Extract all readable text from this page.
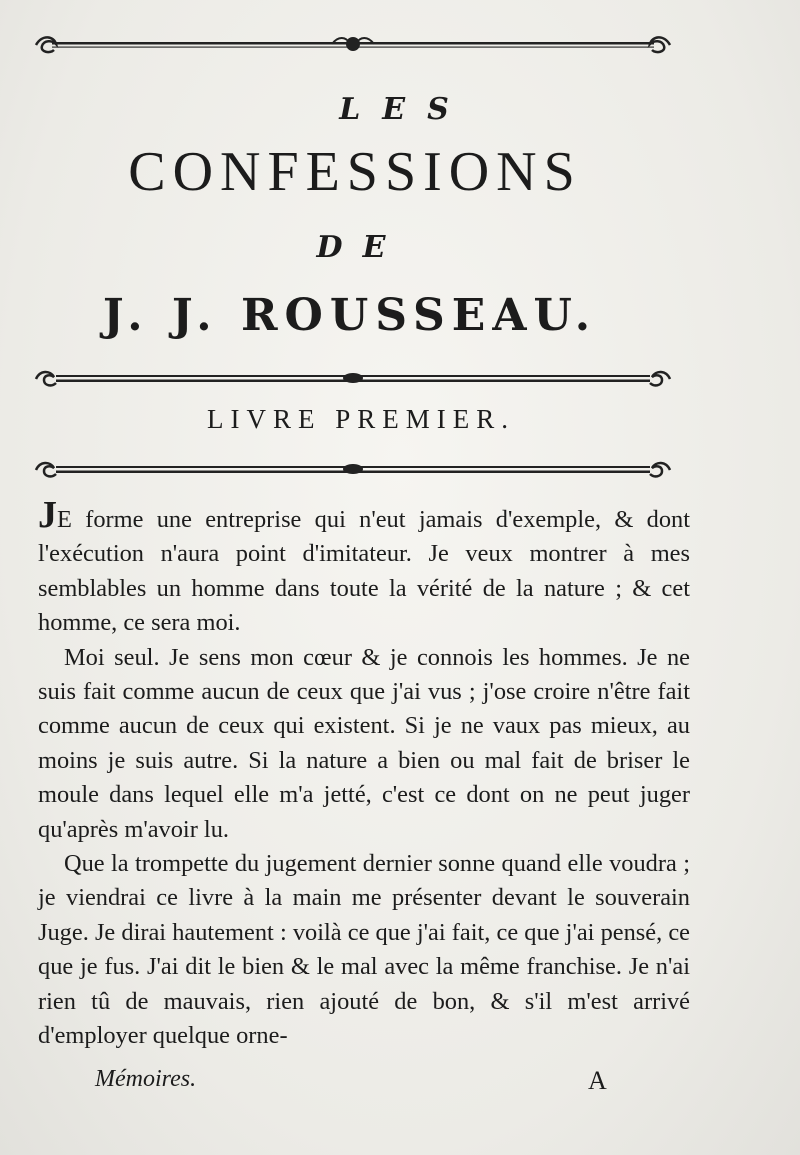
LES
CONFESSIONS
DE
J. J. ROUSSEAU.
LIVRE PREMIER.

JE forme une entreprise qui n'eut jamais d'exemple, & dont l'exécution n'aura point d'imitateur. Je veux montrer à mes semblables un homme dans toute la vérité de la nature ; & cet homme, ce sera moi.

Moi seul. Je sens mon cœur & je connois les hommes. Je ne suis fait comme aucun de ceux que j'ai vus ; j'ose croire n'être fait comme aucun de ceux qui existent. Si je ne vaux pas mieux, au moins je suis autre. Si la nature a bien ou mal fait de briser le moule dans lequel elle m'a jetté, c'est ce dont on ne peut juger qu'après m'avoir lu.

Que la trompette du jugement dernier sonne quand elle voudra ; je viendrai ce livre à la main me présenter devant le souverain Juge. Je dirai hautement : voilà ce que j'ai fait, ce que j'ai pensé, ce que je fus. J'ai dit le bien & le mal avec la même franchise. Je n'ai rien tû de mauvais, rien ajouté de bon, & s'il m'est arrivé d'employer quelque orne-

Mémoires.	A
